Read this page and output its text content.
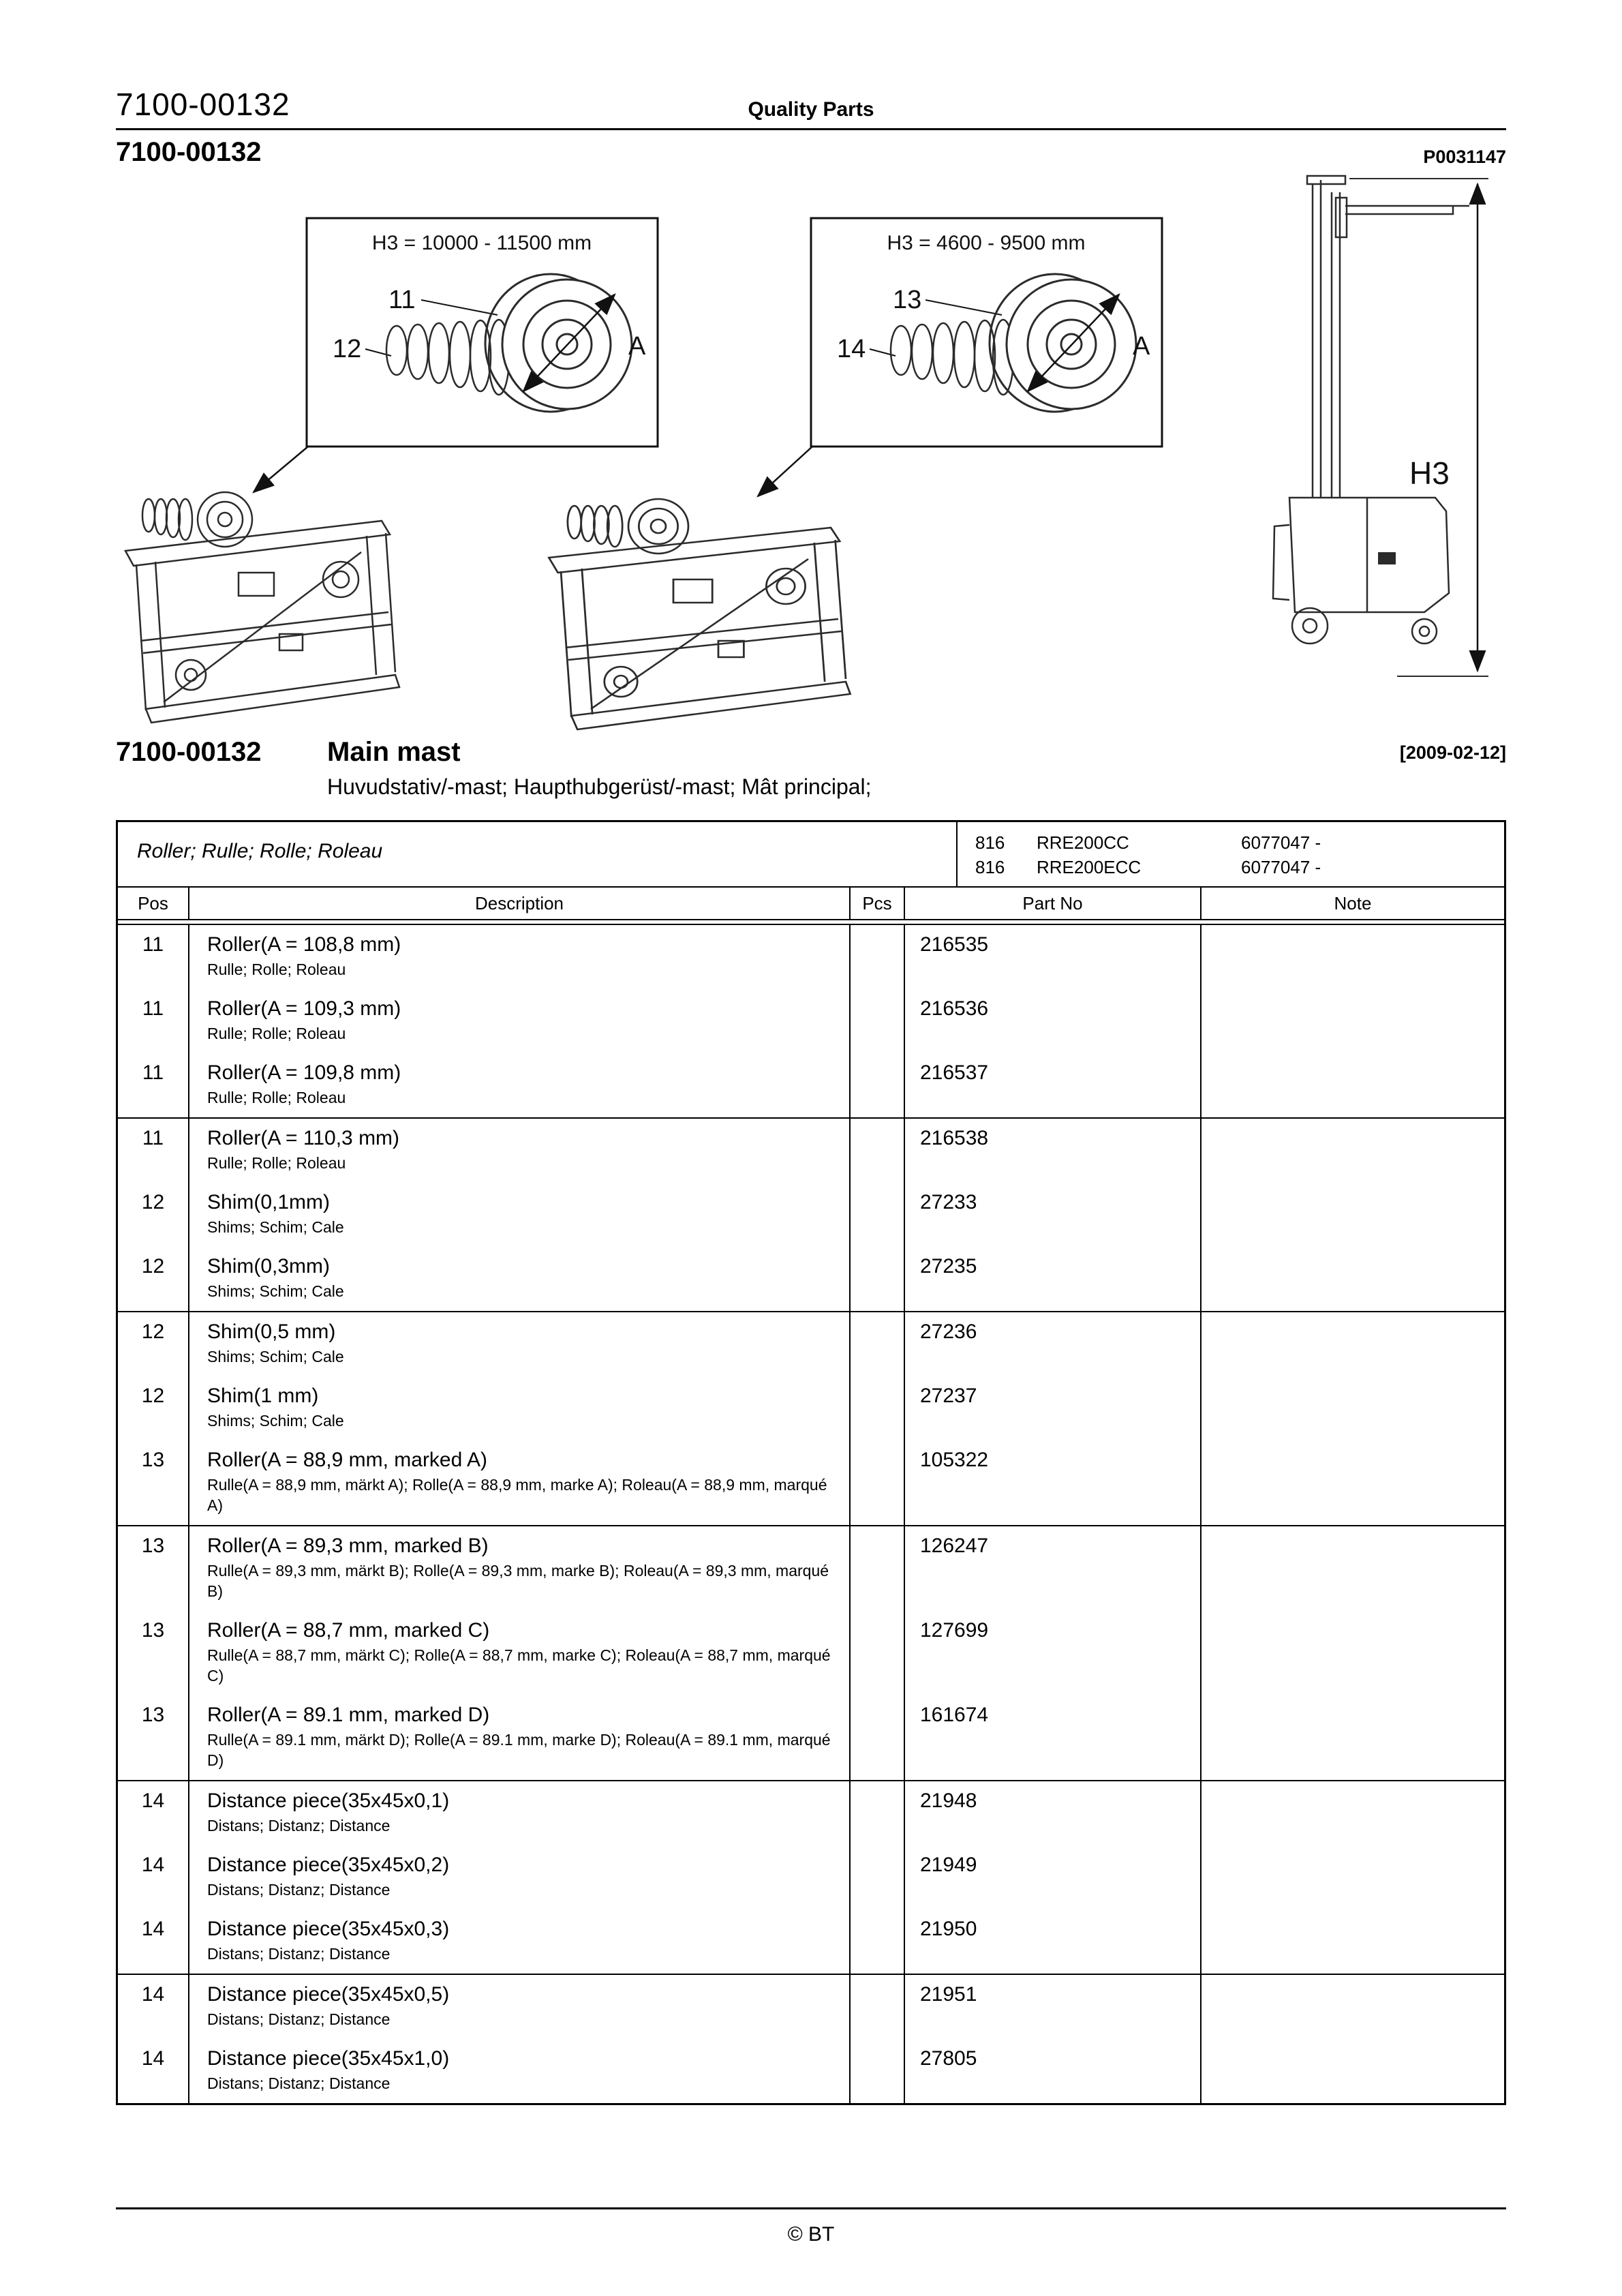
7100-00132	Quality Parts
7100-00132	P0031147
H3 = 10000 - 11500 mm
11
12	A
H3 = 4600 - 9500 mm
13
14	A
H3
7100-00132	Main mast	[2009-02-12]
Huvudstativ/-mast; Haupthubgerüst/-mast; Mât principal;
Roller; Rulle; Rolle; Roleau	816	RRE200CC	6077047 -
816	RRE200ECC	6077047 -
Pos	Description	Pcs	Part No	Note
11	Roller(A = 108,8 mm)
Rulle; Rolle; Roleau
216535
11	Roller(A = 109,3 mm)
Rulle; Rolle; Roleau
216536
11	Roller(A = 109,8 mm)
Rulle; Rolle; Roleau
216537
11	Roller(A = 110,3 mm)
Rulle; Rolle; Roleau
216538
12	Shim(0,1mm)
Shims; Schim; Cale
27233
12	Shim(0,3mm)
Shims; Schim; Cale
27235
12	Shim(0,5 mm)
Shims; Schim; Cale
27236
12	Shim(1 mm)
Shims; Schim; Cale
27237
13	Roller(A = 88,9 mm, marked A)
Rulle(A = 88,9 mm, märkt A); Rolle(A = 88,9 mm, marke A); Roleau(A = 88,9 mm, marqué A)
105322
13	Roller(A = 89,3 mm, marked B)
Rulle(A = 89,3 mm, märkt B); Rolle(A = 89,3 mm, marke B); Roleau(A = 89,3 mm, marqué B)
126247
13	Roller(A = 88,7 mm, marked C)
Rulle(A = 88,7 mm, märkt C); Rolle(A = 88,7 mm, marke C); Roleau(A = 88,7 mm, marqué C)
127699
13	Roller(A = 89.1 mm, marked D)
Rulle(A = 89.1 mm, märkt D); Rolle(A = 89.1 mm, marke D); Roleau(A = 89.1 mm, marqué D)
161674
14	Distance piece(35x45x0,1)
Distans; Distanz; Distance
21948
14	Distance piece(35x45x0,2)
Distans; Distanz; Distance
21949
14	Distance piece(35x45x0,3)
Distans; Distanz; Distance
21950
14	Distance piece(35x45x0,5)
Distans; Distanz; Distance
21951
14	Distance piece(35x45x1,0)
Distans; Distanz; Distance
27805
© BT
